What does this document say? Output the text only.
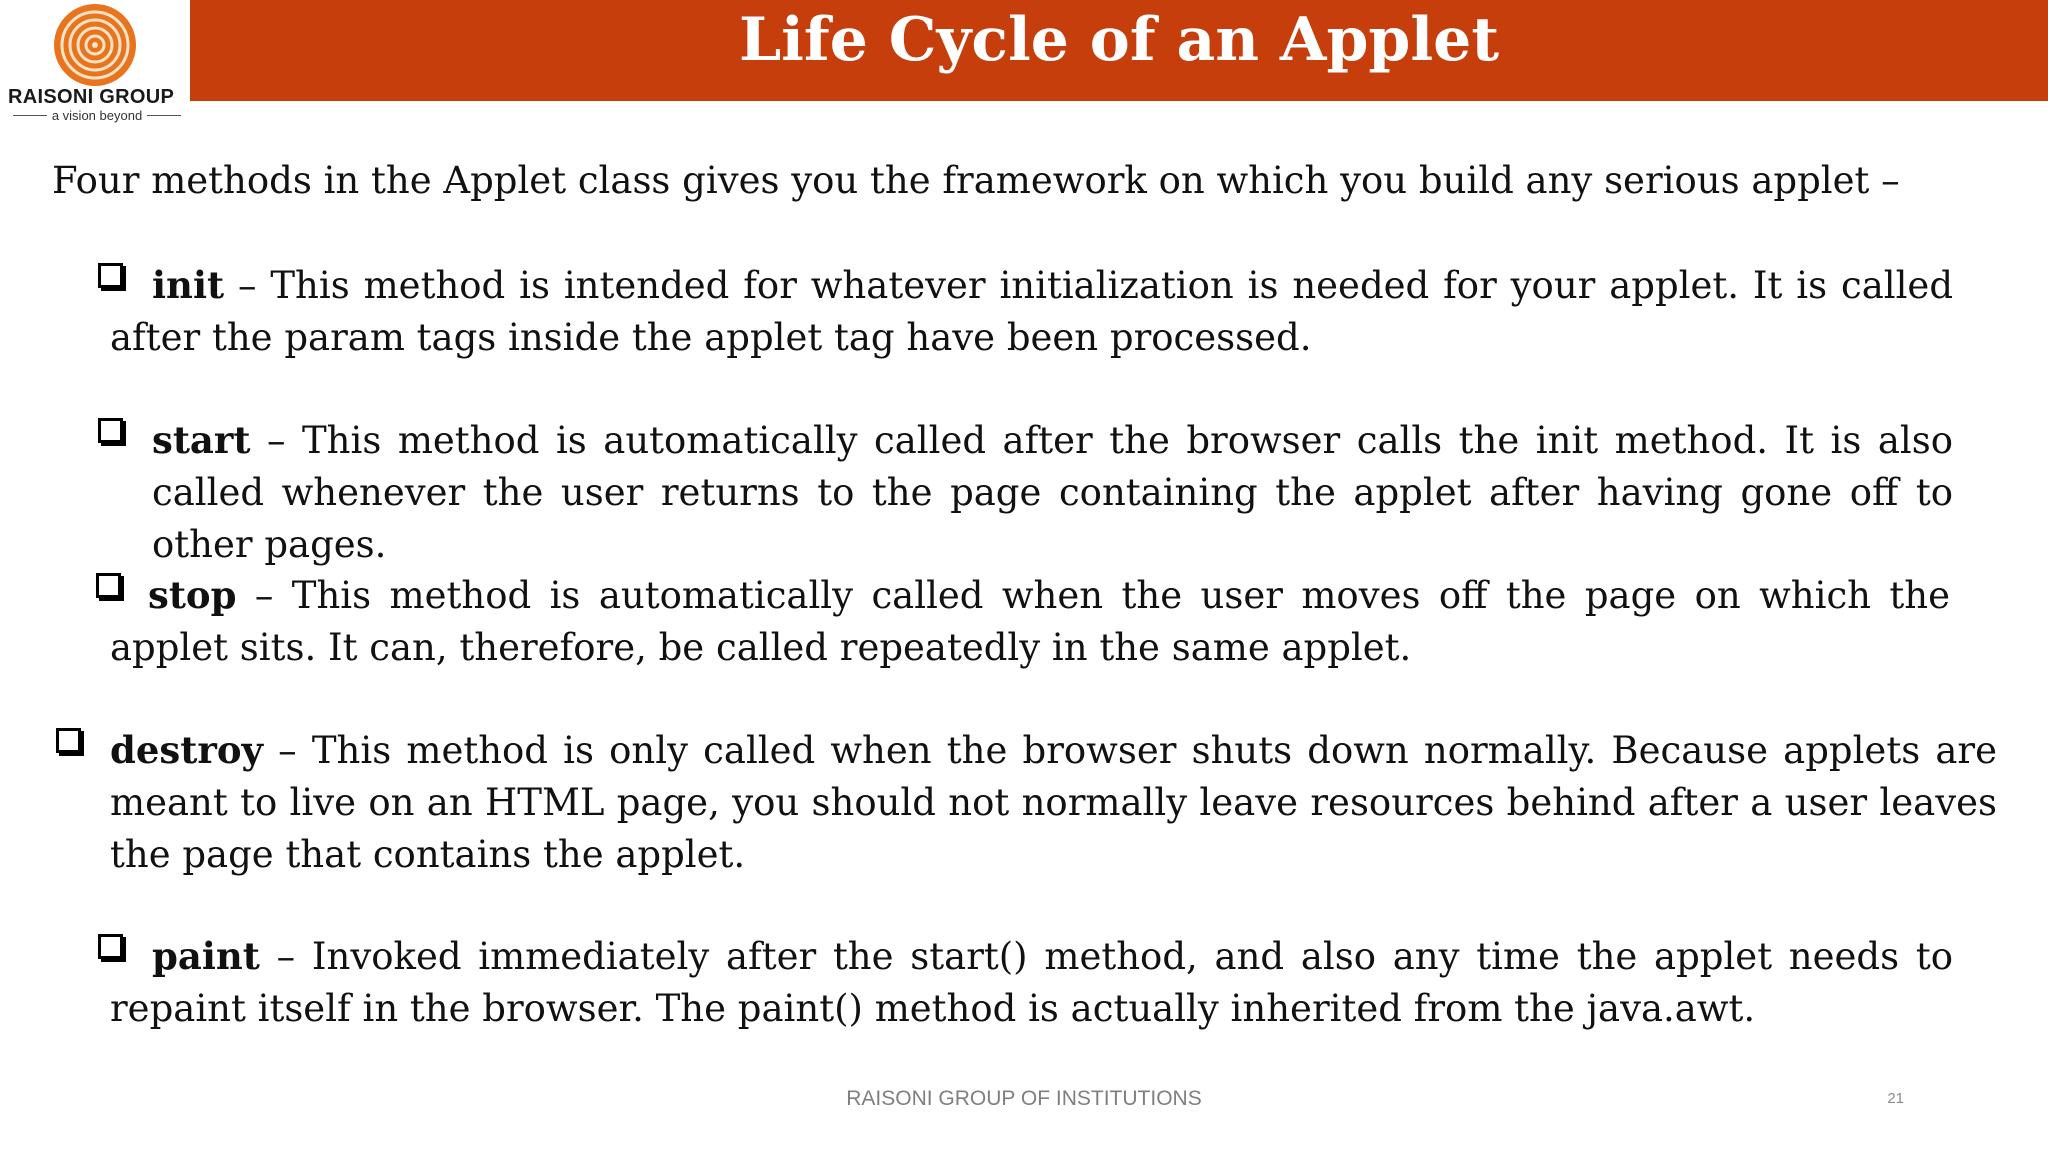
RAISONI GROUP
a vision beyond
Life Cycle of an Applet
Four methods in the Applet class gives you the framework on which you build any serious applet –
init – This method is intended for whatever initialization is needed for your applet. It is called after the param tags inside the applet tag have been processed.
start – This method is automatically called after the browser calls the init method. It is also called whenever the user returns to the page containing the applet after having gone off to other pages.
stop – This method is automatically called when the user moves off the page on which the applet sits. It can, therefore, be called repeatedly in the same applet.
destroy – This method is only called when the browser shuts down normally. Because applets are meant to live on an HTML page, you should not normally leave resources behind after a user leaves the page that contains the applet.
paint – Invoked immediately after the start() method, and also any time the applet needs to repaint itself in the browser. The paint() method is actually inherited from the java.awt.
RAISONI GROUP OF INSTITUTIONS	21
